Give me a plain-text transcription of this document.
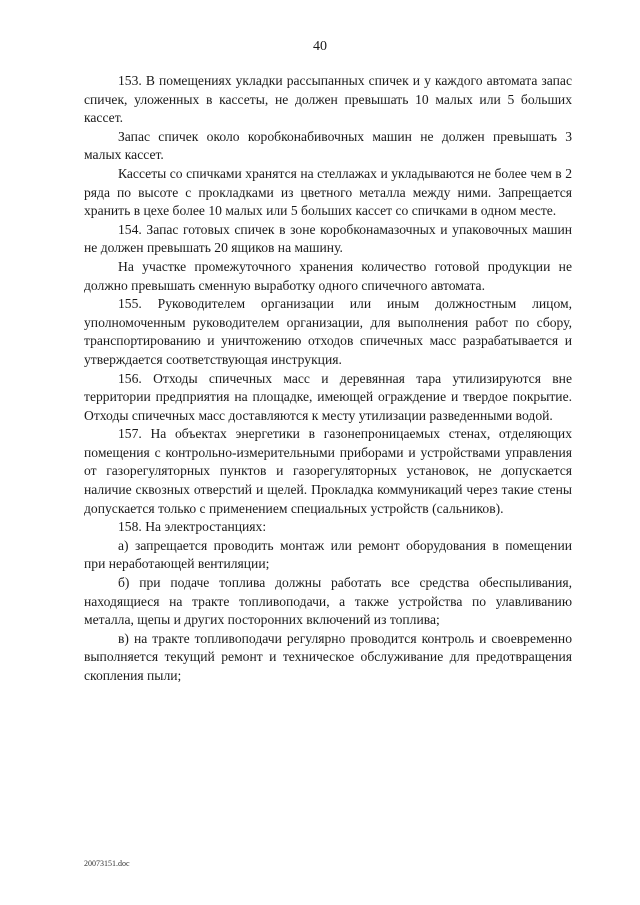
40

153. В помещениях укладки рассыпанных спичек и у каждого автомата запас спичек, уложенных в кассеты, не должен превышать 10 малых или 5 больших кассет.

Запас спичек около коробконабивочных машин не должен превышать 3 малых кассет.

Кассеты со спичками хранятся на стеллажах и укладываются не более чем в 2 ряда по высоте с прокладками из цветного металла между ними. Запрещается хранить в цехе более 10 малых или 5 больших кассет со спичками в одном месте.

154. Запас готовых спичек в зоне коробконамазочных и упаковочных машин не должен превышать 20 ящиков на машину.

На участке промежуточного хранения количество готовой продукции не должно превышать сменную выработку одного спичечного автомата.

155. Руководителем организации или иным должностным лицом, уполномоченным руководителем организации, для выполнения работ по сбору, транспортированию и уничтожению отходов спичечных масс разрабатывается и утверждается соответствующая инструкция.

156. Отходы спичечных масс и деревянная тара утилизируются вне территории предприятия на площадке, имеющей ограждение и твердое покрытие. Отходы спичечных масс доставляются к месту утилизации разведенными водой.

157. На объектах энергетики в газонепроницаемых стенах, отделяющих помещения с контрольно-измерительными приборами и устройствами управления от газорегуляторных пунктов и газорегуляторных установок, не допускается наличие сквозных отверстий и щелей. Прокладка коммуникаций через такие стены допускается только с применением специальных устройств (сальников).

158. На электростанциях:

а) запрещается проводить монтаж или ремонт оборудования в помещении при неработающей вентиляции;

б) при подаче топлива должны работать все средства обеспыливания, находящиеся на тракте топливоподачи, а также устройства по улавливанию металла, щепы и других посторонних включений из топлива;

в) на тракте топливоподачи регулярно проводится контроль и своевременно выполняется текущий ремонт и техническое обслуживание для предотвращения скопления пыли;

20073151.doc
